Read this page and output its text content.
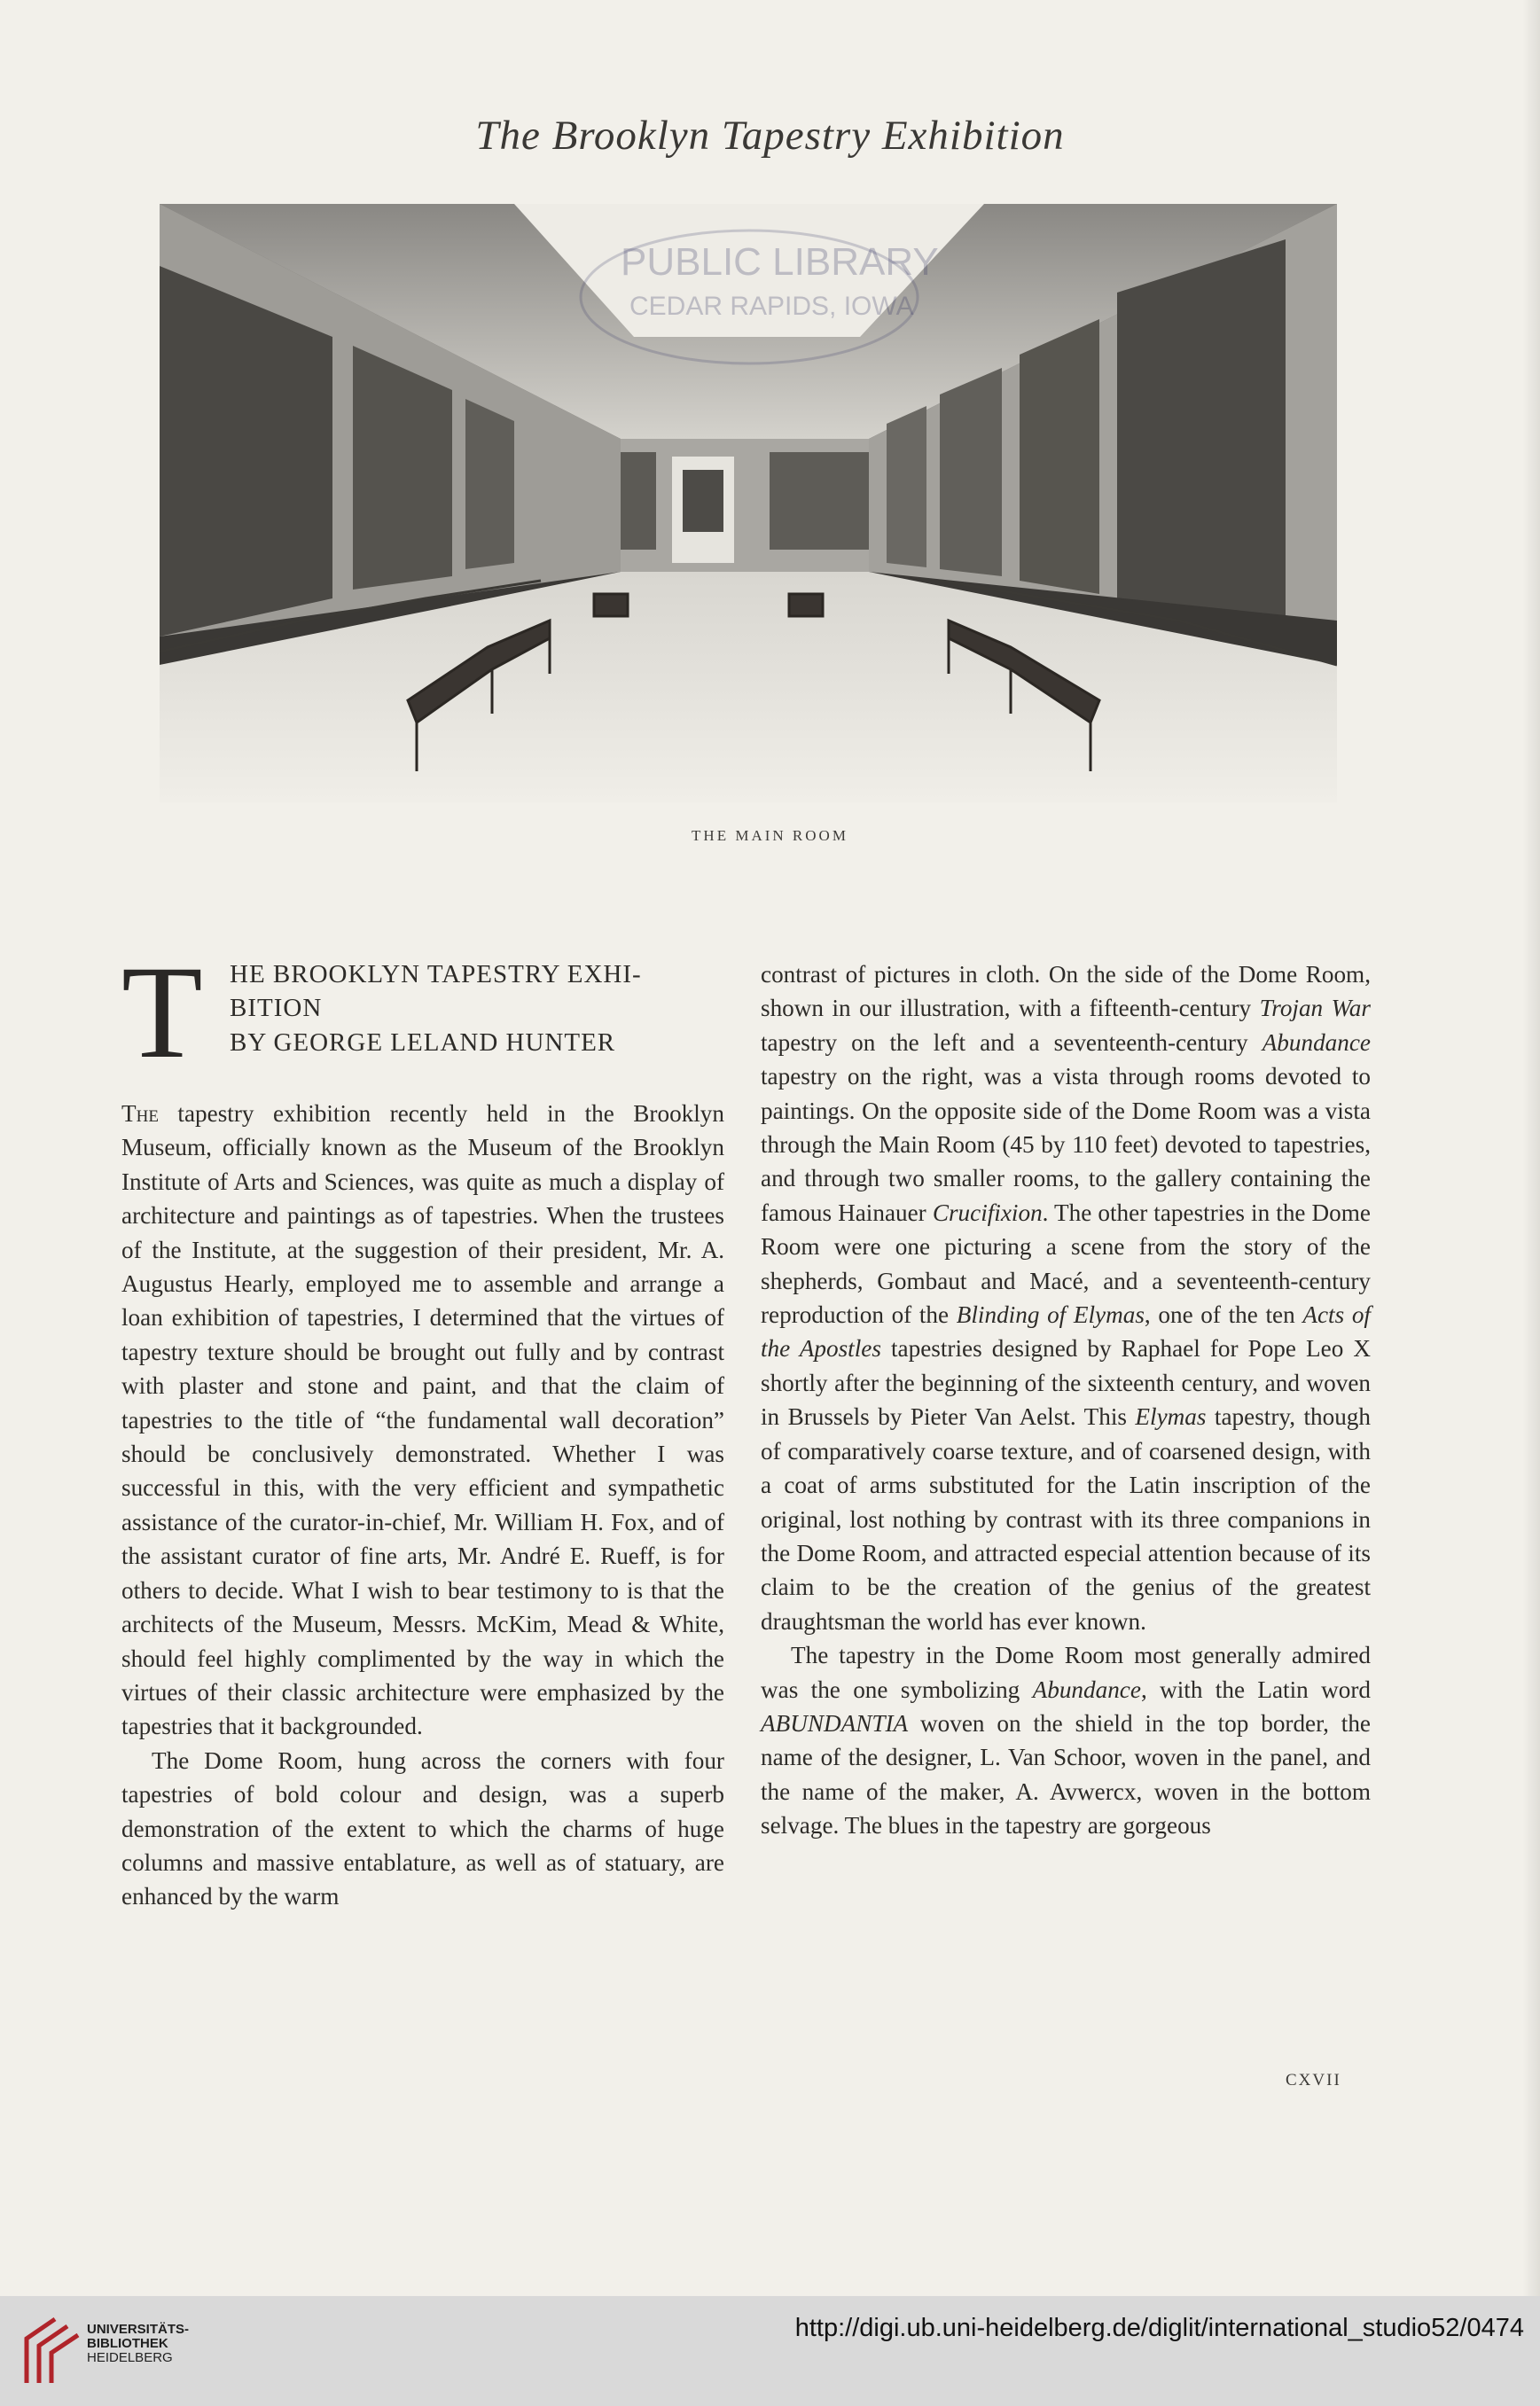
The Brooklyn Tapestry Exhibition
PUBLIC LIBRARY
CEDAR RAPIDS, IOWA
THE MAIN ROOM
T HE BROOKLYN TAPESTRY EXHI-
BITION
BY GEORGE LELAND HUNTER

The tapestry exhibition recently held in the Brooklyn Museum, officially known as the Museum of the Brooklyn Institute of Arts and Sciences, was quite as much a display of architecture and paintings as of tapestries. When the trustees of the Institute, at the suggestion of their president, Mr. A. Augustus Hearly, employed me to assemble and arrange a loan exhibition of tapestries, I determined that the virtues of tapestry texture should be brought out fully and by contrast with plaster and stone and paint, and that the claim of tapestries to the title of “the fundamental wall decoration” should be conclusively demonstrated. Whether I was successful in this, with the very efficient and sympathetic assistance of the curator-in-chief, Mr. William H. Fox, and of the assistant curator of fine arts, Mr. André E. Rueff, is for others to decide. What I wish to bear testimony to is that the architects of the Museum, Messrs. McKim, Mead & White, should feel highly complimented by the way in which the virtues of their classic architecture were emphasized by the tapestries that it backgrounded.

The Dome Room, hung across the corners with four tapestries of bold colour and design, was a superb demonstration of the extent to which the charms of huge columns and massive entablature, as well as of statuary, are enhanced by the warm

contrast of pictures in cloth. On the side of the Dome Room, shown in our illustration, with a fifteenth-century Trojan War tapestry on the left and a seventeenth-century Abundance tapestry on the right, was a vista through rooms devoted to paintings. On the opposite side of the Dome Room was a vista through the Main Room (45 by 110 feet) devoted to tapestries, and through two smaller rooms, to the gallery containing the famous Hainauer Crucifixion. The other tapestries in the Dome Room were one picturing a scene from the story of the shepherds, Gombaut and Macé, and a seventeenth-century reproduction of the Blinding of Elymas, one of the ten Acts of the Apostles tapestries designed by Raphael for Pope Leo X shortly after the beginning of the sixteenth century, and woven in Brussels by Pieter Van Aelst. This Elymas tapestry, though of comparatively coarse texture, and of coarsened design, with a coat of arms substituted for the Latin inscription of the original, lost nothing by contrast with its three companions in the Dome Room, and attracted especial attention because of its claim to be the creation of the genius of the greatest draughtsman the world has ever known.

The tapestry in the Dome Room most generally admired was the one symbolizing Abundance, with the Latin word ABUNDANTIA woven on the shield in the top border, the name of the designer, L. Van Schoor, woven in the panel, and the name of the maker, A. Avwercx, woven in the bottom selvage. The blues in the tapestry are gorgeous

CXVII
UNIVERSITÄTS-
BIBLIOTHEK
HEIDELBERG
http://digi.ub.uni-heidelberg.de/diglit/international_studio52/0474
